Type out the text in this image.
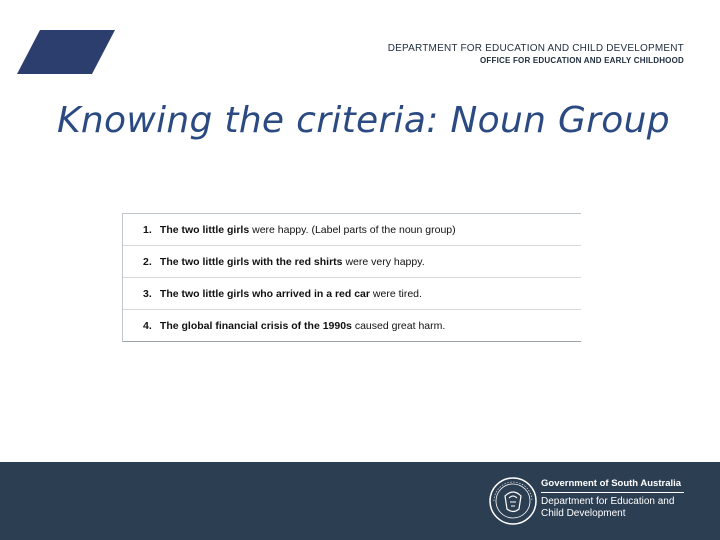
DEPARTMENT FOR EDUCATION AND CHILD DEVELOPMENT
OFFICE FOR EDUCATION AND EARLY CHILDHOOD
Knowing the criteria: Noun Group
1.
The two little girls were happy. (Label parts of the noun group)
2.
The two little girls with the red shirts were very happy.
3.
The two little girls who arrived in a red car were tired.
4.
The global financial crisis of the 1990s caused great harm.
Government of South Australia
Department for Education and
Child Development
